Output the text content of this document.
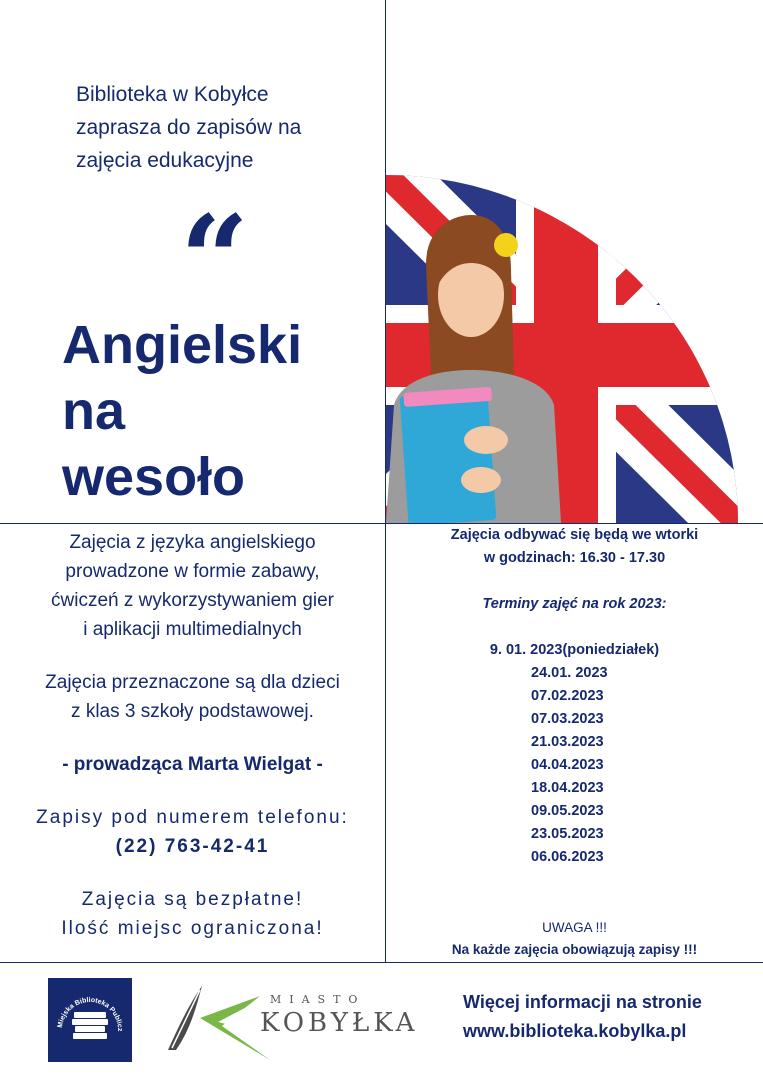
Biblioteka w Kobyłce
zaprasza do zapisów na
zajęcia edukacyjne
“
Angielski
na
wesoło

Zajęcia z języka angielskiego

prowadzone w formie zabawy,

ćwiczeń z wykorzystywaniem gier

i aplikacji multimedialnych

Zajęcia przeznaczone są dla dzieci

z klas 3 szkoły podstawowej.

- prowadząca Marta Wielgat -

Zapisy pod numerem telefonu:

(22) 763-42-41

Zajęcia są bezpłatne!

Ilość miejsc ograniczona!

Zajęcia odbywać się będą we wtorki
w godzinach: 16.30 - 17.30
Terminy zajęć na rok 2023:
9. 01. 2023(poniedziałek)
24.01. 2023
07.02.2023
07.03.2023
21.03.2023
04.04.2023
18.04.2023
09.05.2023
23.05.2023
06.06.2023
UWAGA !!!
Na każde zajęcia obowiązują zapisy !!!
Miejska Biblioteka Publicz
MIASTO
KOBYŁKA
Więcej informacji na stronie
www.biblioteka.kobylka.pl
